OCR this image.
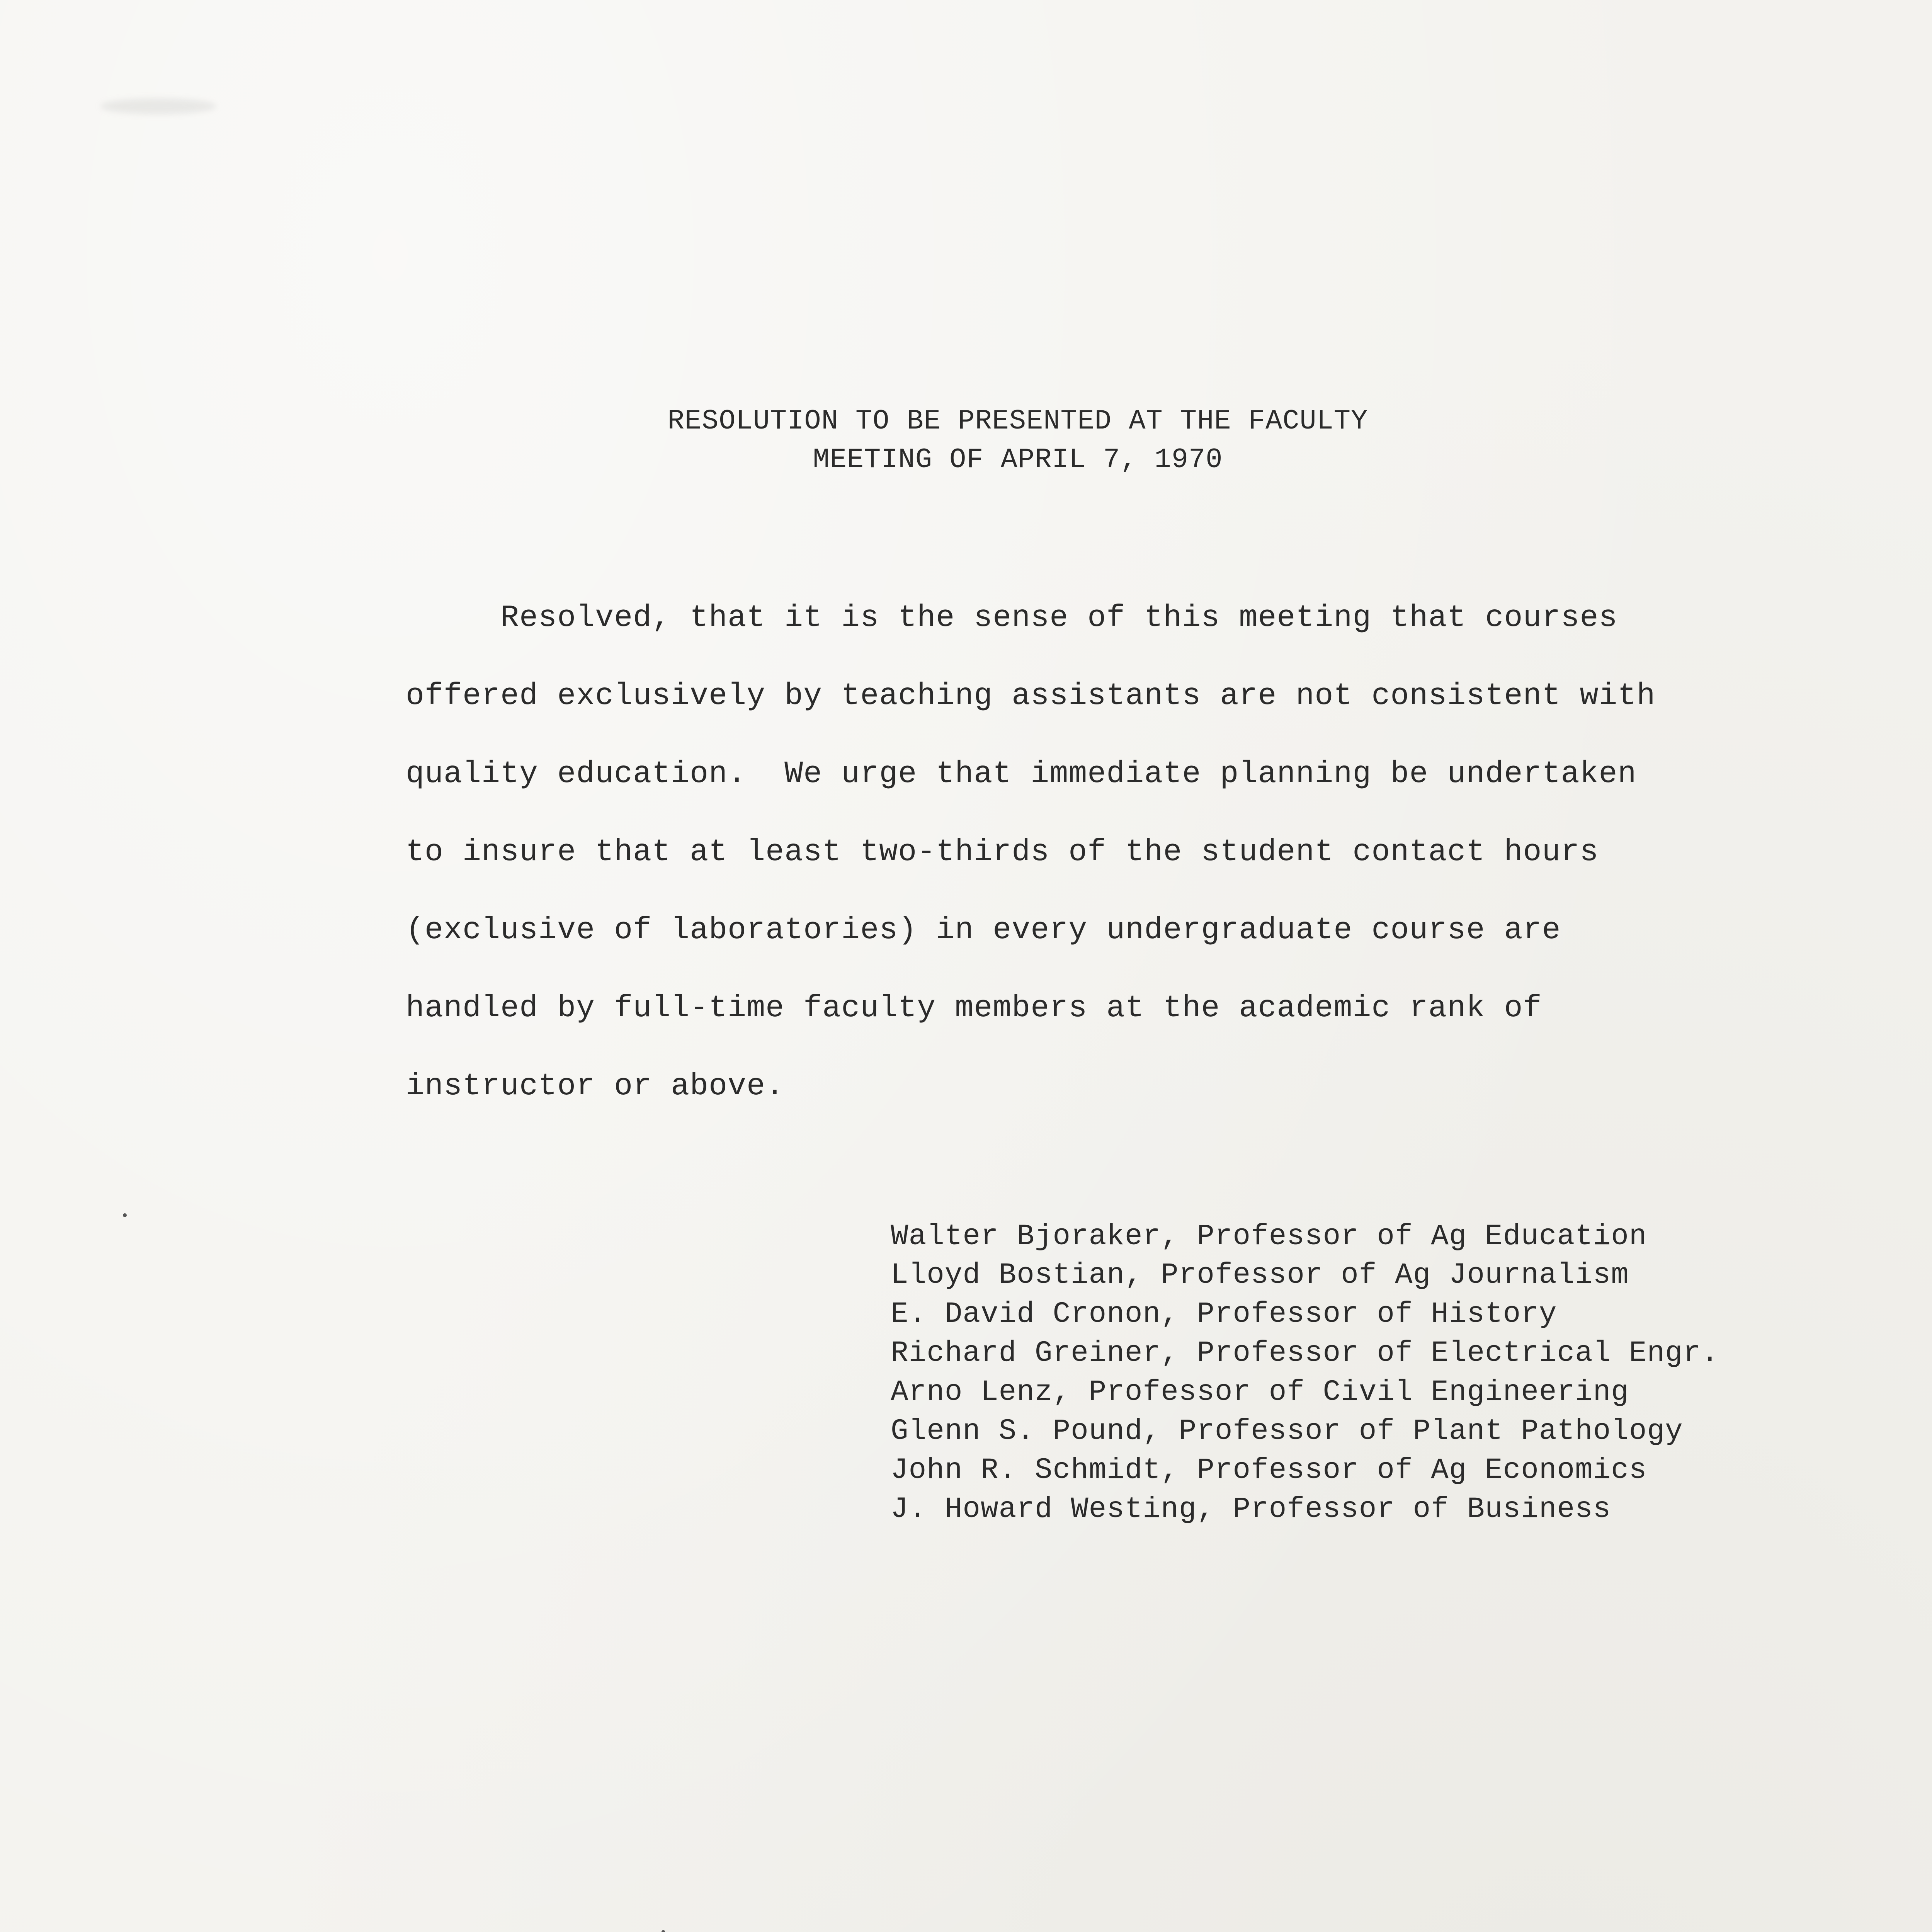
RESOLUTION TO BE PRESENTED AT THE FACULTY
MEETING OF APRIL 7, 1970
Resolved, that it is the sense of this meeting that courses
offered exclusively by teaching assistants are not consistent with
quality education.  We urge that immediate planning be undertaken
to insure that at least two-thirds of the student contact hours
(exclusive of laboratories) in every undergraduate course are
handled by full-time faculty members at the academic rank of
instructor or above.
Walter Bjoraker, Professor of Ag Education
Lloyd Bostian, Professor of Ag Journalism
E. David Cronon, Professor of History
Richard Greiner, Professor of Electrical Engr.
Arno Lenz, Professor of Civil Engineering
Glenn S. Pound, Professor of Plant Pathology
John R. Schmidt, Professor of Ag Economics
J. Howard Westing, Professor of Business
